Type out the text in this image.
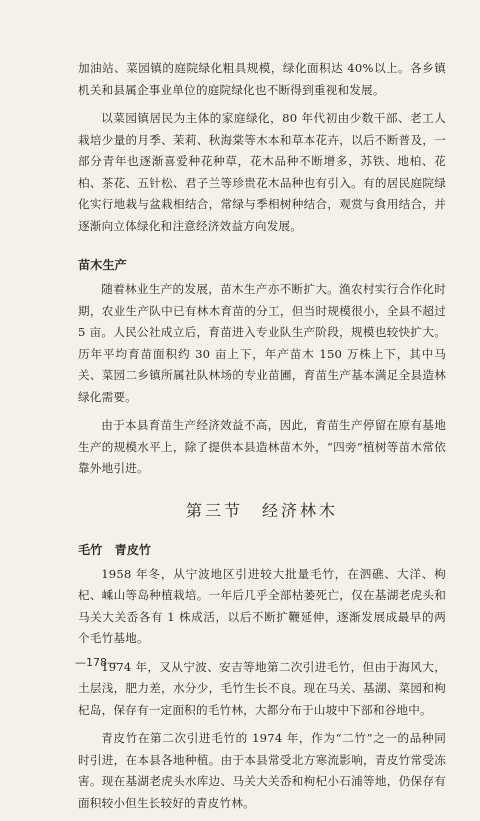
加油站、菜园镇的庭院绿化粗具规模，绿化面积达 40%以上。各乡镇机关和县属企事业单位的庭院绿化也不断得到重视和发展。

以菜园镇居民为主体的家庭绿化，80 年代初由少数干部、老工人栽培少量的月季、茉莉、秋海棠等木本和草本花卉，以后不断普及，一部分青年也逐渐喜爱种花种草，花木品种不断增多，苏铁、地柏、花柏、茶花、五针松、君子兰等珍贵花木品种也有引入。有的居民庭院绿化实行地栽与盆栽相结合，常绿与季相树种结合，观赏与食用结合，并逐渐向立体绿化和注意经济效益方向发展。

苗木生产

随着林业生产的发展，苗木生产亦不断扩大。渔农村实行合作化时期，农业生产队中已有林木育苗的分工，但当时规模很小，全县不超过 5 亩。人民公社成立后，育苗进入专业队生产阶段，规模也较快扩大。历年平均育苗面积约 30 亩上下，年产苗木 150 万株上下，其中马关、菜园二乡镇所属社队林场的专业苗圃，育苗生产基本满足全县造林绿化需要。

由于本县育苗生产经济效益不高，因此，育苗生产停留在原有基地生产的规模水平上，除了提供本县造林苗木外，“四旁”植树等苗木常依靠外地引进。

第三节　经济林木
毛竹　青皮竹

1958 年冬，从宁波地区引进较大批量毛竹，在泗礁、大洋、枸杞、嵊山等岛种植栽培。一年后几乎全部枯萎死亡，仅在基湖老虎头和马关大关岙各有 1 株成活，以后不断扩鞭延伸，逐渐发展成最早的两个毛竹基地。

1974 年，又从宁波、安吉等地第二次引进毛竹，但由于海风大，土层浅，肥力差，水分少，毛竹生长不良。现在马关、基湖、菜园和枸杞岛，保存有一定面积的毛竹林，大都分布于山坡中下部和谷地中。

青皮竹在第二次引进毛竹的 1974 年，作为“二竹”之一的品种同时引进，在本县各地种植。由于本县常受北方寒流影响，青皮竹常受冻害。现在基湖老虎头水库边、马关大关岙和枸杞小石浦等地，仍保存有面积较小但生长较好的青皮竹林。

—178—
